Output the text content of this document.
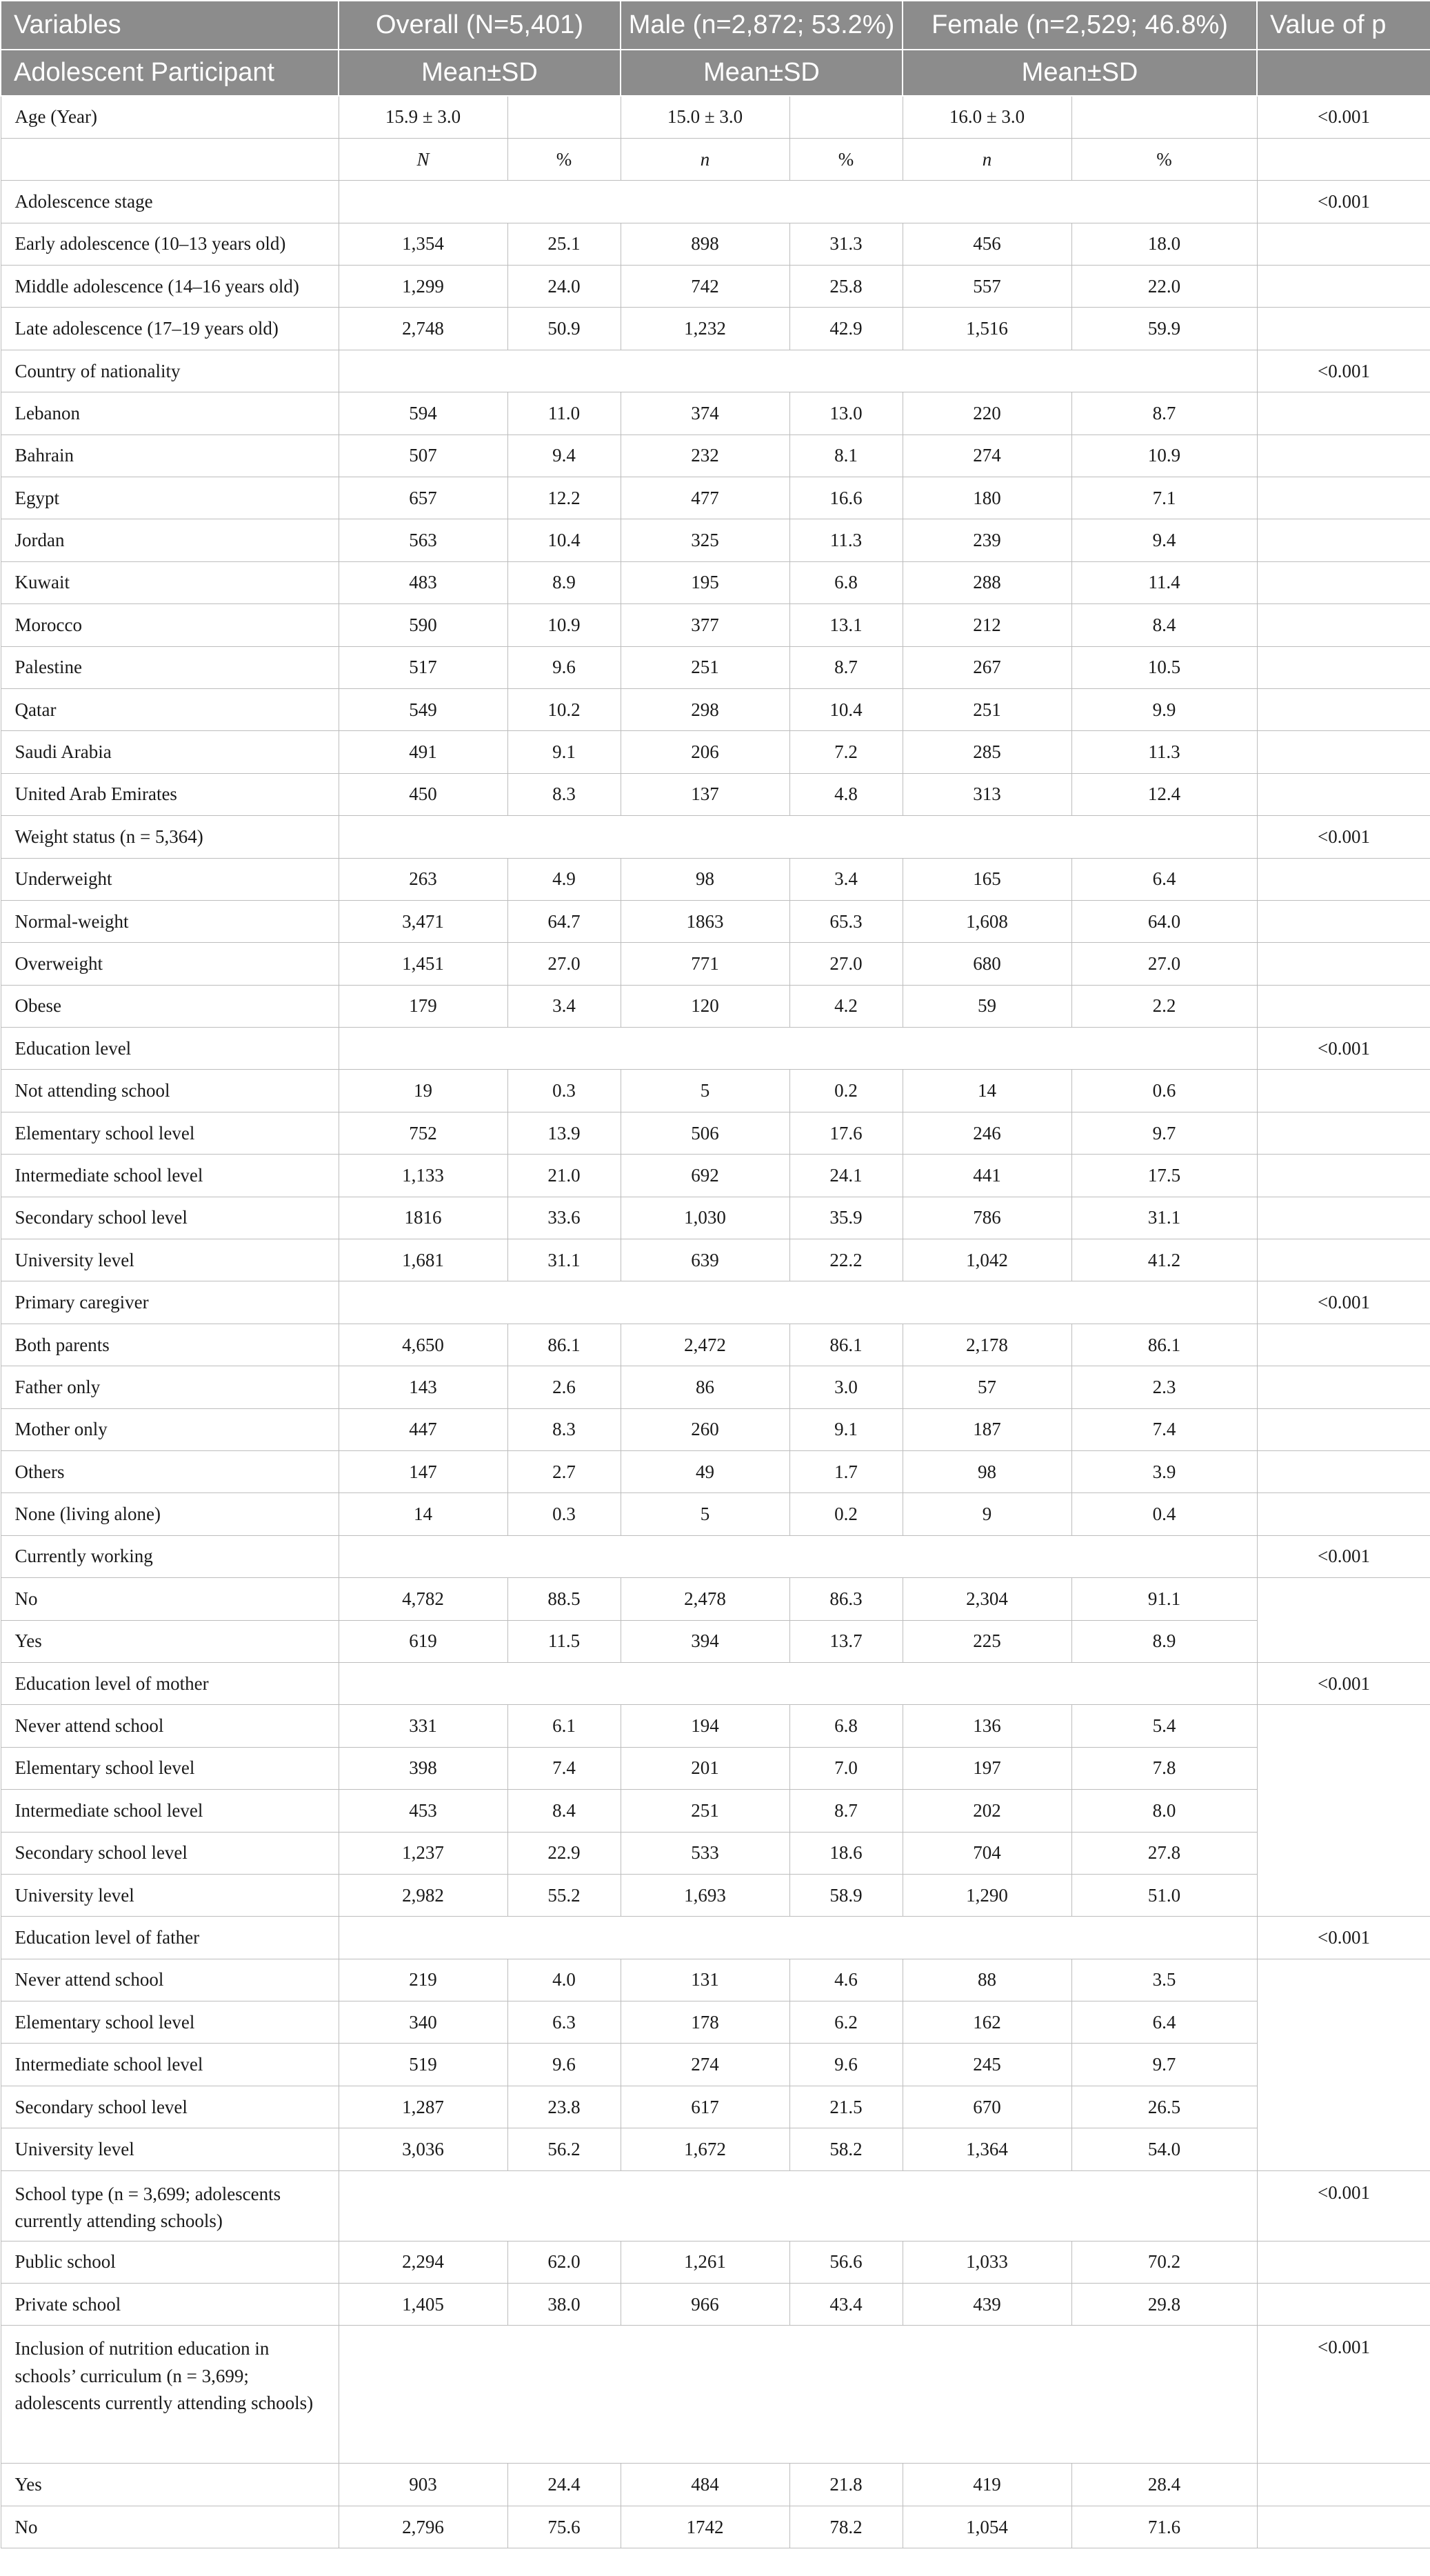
Variables	Overall (N=5,401)		Male (n=2,872; 53.2%)		Female (n=2,529; 46.8%)		Value of p
Adolescent Participant	Mean±SD		Mean±SD		Mean±SD		
Age (Year)	15.9 ± 3.0		15.0 ± 3.0		16.0 ± 3.0		<0.001
	N	%	n	%	n	%	
Adolescence stage							<0.001
Early adolescence (10–13 years old)	1,354	25.1	898	31.3	456	18.0	
Middle adolescence (14–16 years old)	1,299	24.0	742	25.8	557	22.0	
Late adolescence (17–19 years old)	2,748	50.9	1,232	42.9	1,516	59.9	
Country of nationality							<0.001
Lebanon	594	11.0	374	13.0	220	8.7	
Bahrain	507	9.4	232	8.1	274	10.9	
Egypt	657	12.2	477	16.6	180	7.1	
Jordan	563	10.4	325	11.3	239	9.4	
Kuwait	483	8.9	195	6.8	288	11.4	
Morocco	590	10.9	377	13.1	212	8.4	
Palestine	517	9.6	251	8.7	267	10.5	
Qatar	549	10.2	298	10.4	251	9.9	
Saudi Arabia	491	9.1	206	7.2	285	11.3	
United Arab Emirates	450	8.3	137	4.8	313	12.4	
Weight status (n = 5,364)							<0.001
Underweight	263	4.9	98	3.4	165	6.4	
Normal-weight	3,471	64.7	1863	65.3	1,608	64.0	
Overweight	1,451	27.0	771	27.0	680	27.0	
Obese	179	3.4	120	4.2	59	2.2	
Education level							<0.001
Not attending school	19	0.3	5	0.2	14	0.6	
Elementary school level	752	13.9	506	17.6	246	9.7	
Intermediate school level	1,133	21.0	692	24.1	441	17.5	
Secondary school level	1816	33.6	1,030	35.9	786	31.1	
University level	1,681	31.1	639	22.2	1,042	41.2	
Primary caregiver							<0.001
Both parents	4,650	86.1	2,472	86.1	2,178	86.1	
Father only	143	2.6	86	3.0	57	2.3	
Mother only	447	8.3	260	9.1	187	7.4	
Others	147	2.7	49	1.7	98	3.9	
None (living alone)	14	0.3	5	0.2	9	0.4	
Currently working							<0.001
No	4,782	88.5	2,478	86.3	2,304	91.1	
Yes	619	11.5	394	13.7	225	8.9	
Education level of mother							<0.001
Never attend school	331	6.1	194	6.8	136	5.4	
Elementary school level	398	7.4	201	7.0	197	7.8	
Intermediate school level	453	8.4	251	8.7	202	8.0	
Secondary school level	1,237	22.9	533	18.6	704	27.8	
University level	2,982	55.2	1,693	58.9	1,290	51.0	
Education level of father							<0.001
Never attend school	219	4.0	131	4.6	88	3.5	
Elementary school level	340	6.3	178	6.2	162	6.4	
Intermediate school level	519	9.6	274	9.6	245	9.7	
Secondary school level	1,287	23.8	617	21.5	670	26.5	
University level	3,036	56.2	1,672	58.2	1,364	54.0	
School type (n = 3,699; adolescents currently attending schools)							<0.001
Public school	2,294	62.0	1,261	56.6	1,033	70.2	
Private school	1,405	38.0	966	43.4	439	29.8	
Inclusion of nutrition education in schools’ curriculum (n = 3,699; adolescents currently attending schools)							<0.001
Yes	903	24.4	484	21.8	419	28.4	
No	2,796	75.6	1742	78.2	1,054	71.6	
